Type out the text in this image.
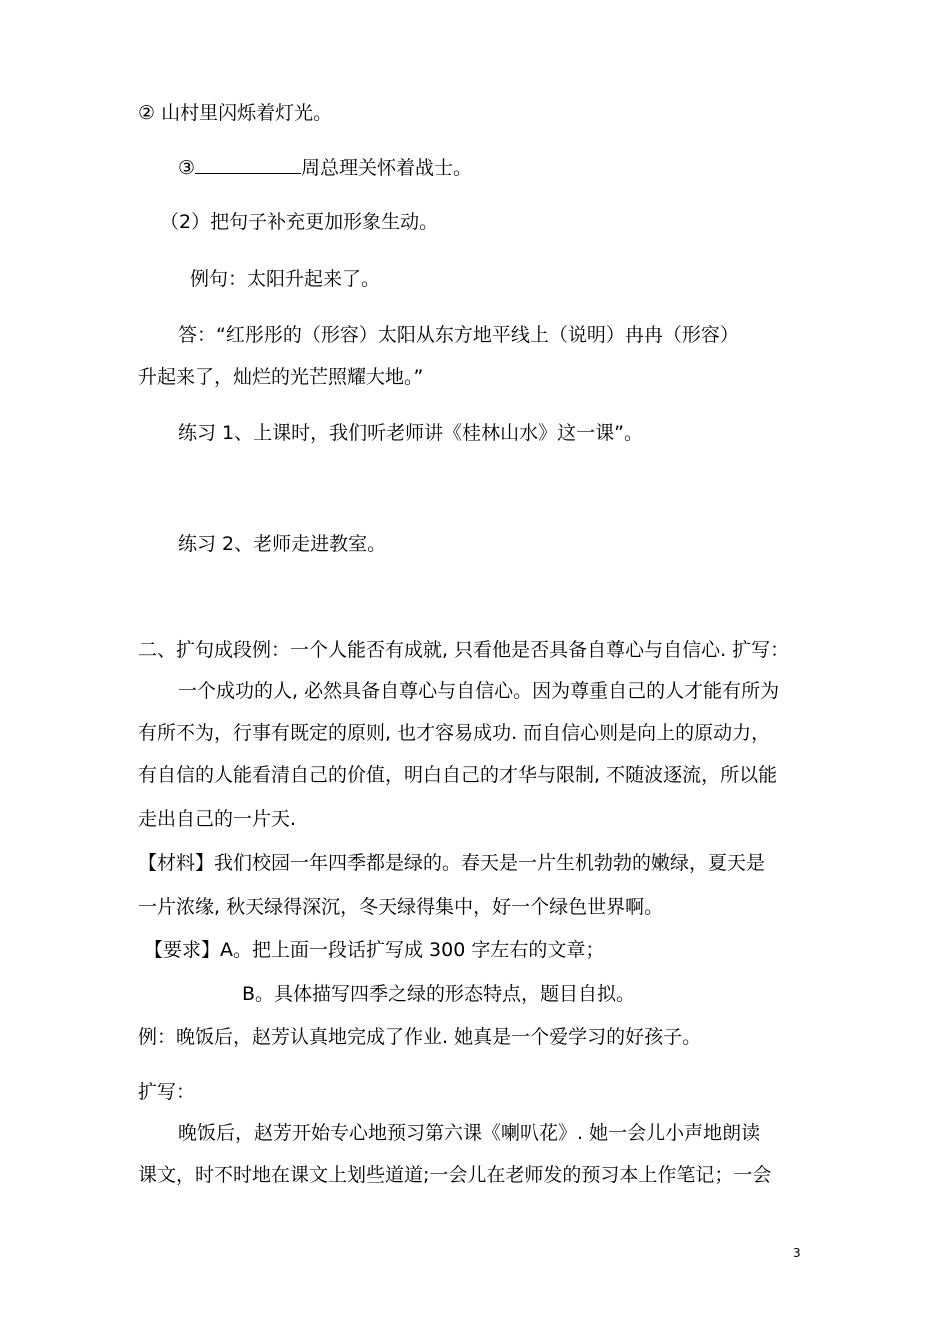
② 山村里闪烁着灯光。
③	周总理关怀着战士。
（2）把句子补充更加形象生动。
例句：太阳升起来了。
答：“红彤彤的（形容）太阳从东方地平线上（说明）冉冉（形容）
升起来了，灿烂的光芒照耀大地。”
练习 1、上课时，我们听老师讲《桂林山水》这一课”。
练习 2、老师走进教室。
二、扩句成段例：一个人能否有成就, 只看他是否具备自尊心与自信心. 扩写：
一个成功的人, 必然具备自尊心与自信心。因为尊重自己的人才能有所为
有所不为，行事有既定的原则, 也才容易成功. 而自信心则是向上的原动力，
有自信的人能看清自己的价值，明白自己的才华与限制, 不随波逐流，所以能
走出自己的一片天.
【材料】我们校园一年四季都是绿的。春天是一片生机勃勃的嫩绿，夏天是
一片浓缘, 秋天绿得深沉，冬天绿得集中，好一个绿色世界啊。
【要求】A。把上面一段话扩写成 300 字左右的文章；
B。具体描写四季之绿的形态特点，题目自拟。
例：晚饭后，赵芳认真地完成了作业. 她真是一个爱学习的好孩子。
扩写：
晚饭后，赵芳开始专心地预习第六课《喇叭花》. 她一会儿小声地朗读
课文，时不时地在课文上划些道道;一会儿在老师发的预习本上作笔记；一会
3
